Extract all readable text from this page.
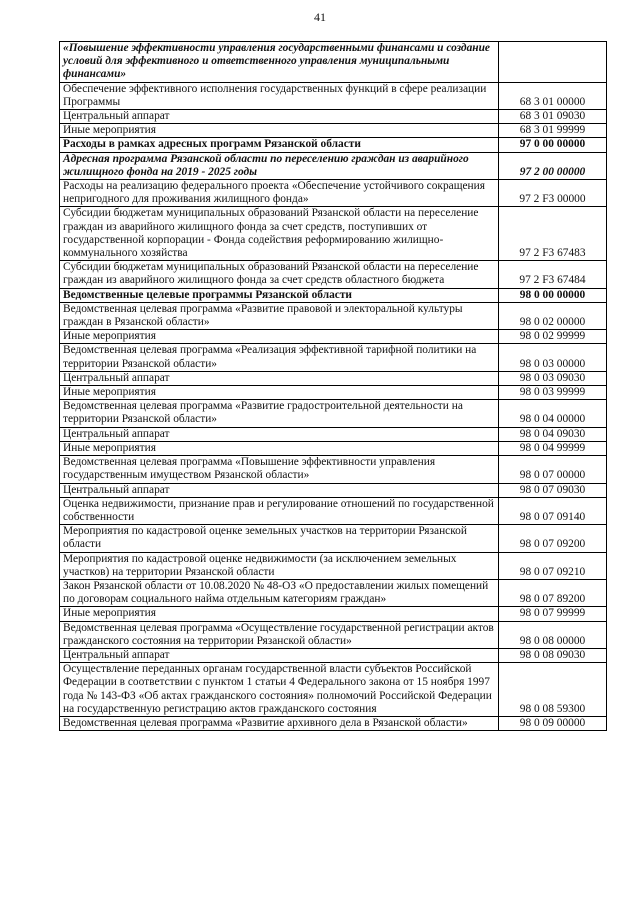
41
«Повышение эффективности управления государственными финансами и создание условий для эффективного и ответственного управления муниципальными финансами»	
Обеспечение эффективного исполнения государственных функций в сфере реализации Программы	68 3 01 00000
Центральный аппарат	68 3 01 09030
Иные мероприятия	68 3 01 99999
Расходы в рамках адресных программ Рязанской области	97 0 00 00000
Адресная программа Рязанской области по переселению граждан из аварийного жилищного фонда на 2019 - 2025 годы	97 2 00 00000
Расходы на реализацию федерального проекта «Обеспечение устойчивого сокращения непригодного для проживания жилищного фонда»	97 2 F3 00000
Субсидии бюджетам муниципальных образований Рязанской области на переселение граждан из аварийного жилищного фонда за счет средств, поступивших от государственной корпорации - Фонда содействия реформированию жилищно-коммунального хозяйства	97 2 F3 67483
Субсидии бюджетам муниципальных образований Рязанской области на переселение граждан из аварийного жилищного фонда за счет средств областного бюджета	97 2 F3 67484
Ведомственные целевые программы Рязанской области	98 0 00 00000
Ведомственная целевая программа «Развитие правовой и электоральной культуры граждан в Рязанской области»	98 0 02 00000
Иные мероприятия	98 0 02 99999
Ведомственная целевая программа «Реализация эффективной тарифной политики на территории Рязанской области»	98 0 03 00000
Центральный аппарат	98 0 03 09030
Иные мероприятия	98 0 03 99999
Ведомственная целевая программа «Развитие градостроительной деятельности на территории Рязанской области»	98 0 04 00000
Центральный аппарат	98 0 04 09030
Иные мероприятия	98 0 04 99999
Ведомственная целевая программа «Повышение эффективности управления государственным имуществом Рязанской области»	98 0 07 00000
Центральный аппарат	98 0 07 09030
Оценка недвижимости, признание прав и регулирование отношений по государственной собственности	98 0 07 09140
Мероприятия по кадастровой оценке земельных участков на территории Рязанской области	98 0 07 09200
Мероприятия по кадастровой оценке недвижимости (за исключением земельных участков) на территории Рязанской области	98 0 07 09210
Закон Рязанской области от 10.08.2020 № 48-ОЗ «О предоставлении жилых помещений по договорам социального найма отдельным категориям граждан»	98 0 07 89200
Иные мероприятия	98 0 07 99999
Ведомственная целевая программа «Осуществление государственной регистрации актов гражданского состояния на территории Рязанской области»	98 0 08 00000
Центральный аппарат	98 0 08 09030
Осуществление переданных органам государственной власти субъектов Российской Федерации в соответствии с пунктом 1 статьи 4 Федерального закона от 15 ноября 1997 года № 143-ФЗ «Об актах гражданского состояния» полномочий Российской Федерации на государственную регистрацию актов гражданского состояния	98 0 08 59300
Ведомственная целевая программа «Развитие архивного дела в Рязанской области»	98 0 09 00000
